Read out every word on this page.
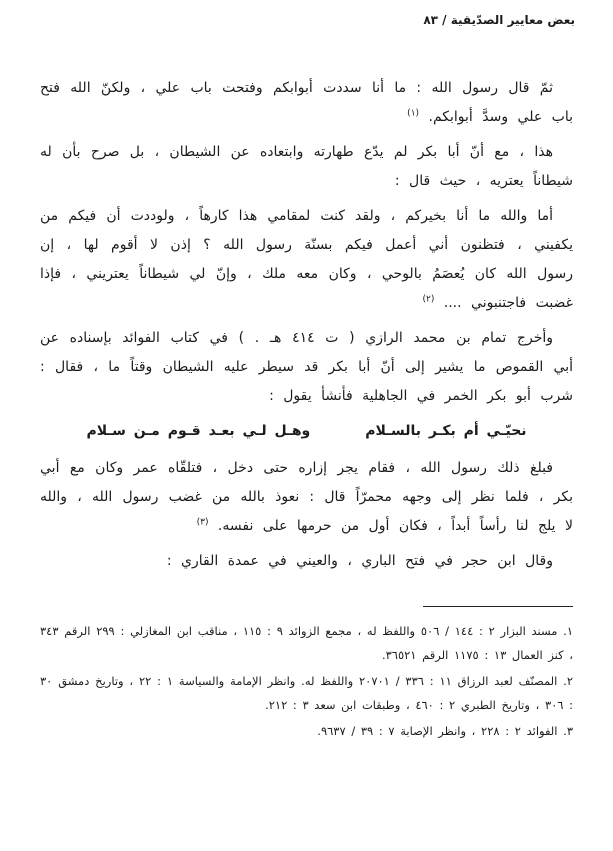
بعض معايير الصدّيقية / ٨٣

ثمّ قال رسول الله : ما أنا سددت أبوابكم وفتحت باب علي ، ولكنّ الله فتح باب علي وسدَّ أبوابكم. $^{(١)}$

هذا ، مع أنّ أبا بكر لم يدّع طهارته وابتعاده عن الشيطان ، بل صرح بأن له شيطاناً يعتريه ، حيث قال :

أما والله ما أنا بخيركم ، ولقد كنت لمقامي هذا كارهاً ، ولوددت أن فيكم من يكفيني ، فتظنون أني أعمل فيكم بسنّة رسول الله ؟ إذن لا أقوم لها ، إن رسول الله كان يُعصَمُ بالوحي ، وكان معه ملك ، وإنّ لي شيطاناً يعتريني ، فإذا غضبت فاجتنبوني .... $^{(٢)}$

وأخرج تمام بن محمد الرازي ( ت ٤١٤ هـ . ) في كتاب الفوائد بإسناده عن أبي القموص ما يشير إلى أنّ أبا بكر قد سيطر عليه الشيطان وقتاً ما ، فقال : شرب أبو بكر الخمر في الجاهلية فأنشأ يقول :

نحيّـي أم بكـر بالسـلام
وهـل لـي بعـد قـوم مـن سـلام

فبلغ ذلك رسول الله ، فقام يجر إزاره حتى دخل ، فتلقّاه عمر وكان مع أبي بكر ، فلما نظر إلى وجهه محمرّاً قال : نعوذ بالله من غضب رسول الله ، والله لا يلج لنا رأساً أبداً ، فكان أول من حرمها على نفسه. $^{(٣)}$

وقال ابن حجر في فتح الباري ، والعيني في عمدة القاري :

١. مسند البزار ٢ : ١٤٤ / ٥٠٦ واللفظ له ، مجمع الزوائد ٩ : ١١٥ ، مناقب ابن المغازلي : ٢٩٩ الرقم ٣٤٣ ، كنز العمال ١٣ : ١١٧٥ الرقم ٣٦٥٢١.

٢. المصنّف لعبد الرزاق ١١ : ٣٣٦ / ٢٠٧٠١ واللفظ له. وانظر الإمامة والسياسة ١ : ٢٢ ، وتاريخ دمشق ٣٠ : ٣٠٦ ، وتاريخ الطبري ٢ : ٤٦٠ ، وطبقات ابن سعد ٣ : ٢١٢.

٣. الفوائد ٢ : ٢٢٨ ، وانظر الإصابة ٧ : ٣٩ / ٩٦٣٧.
